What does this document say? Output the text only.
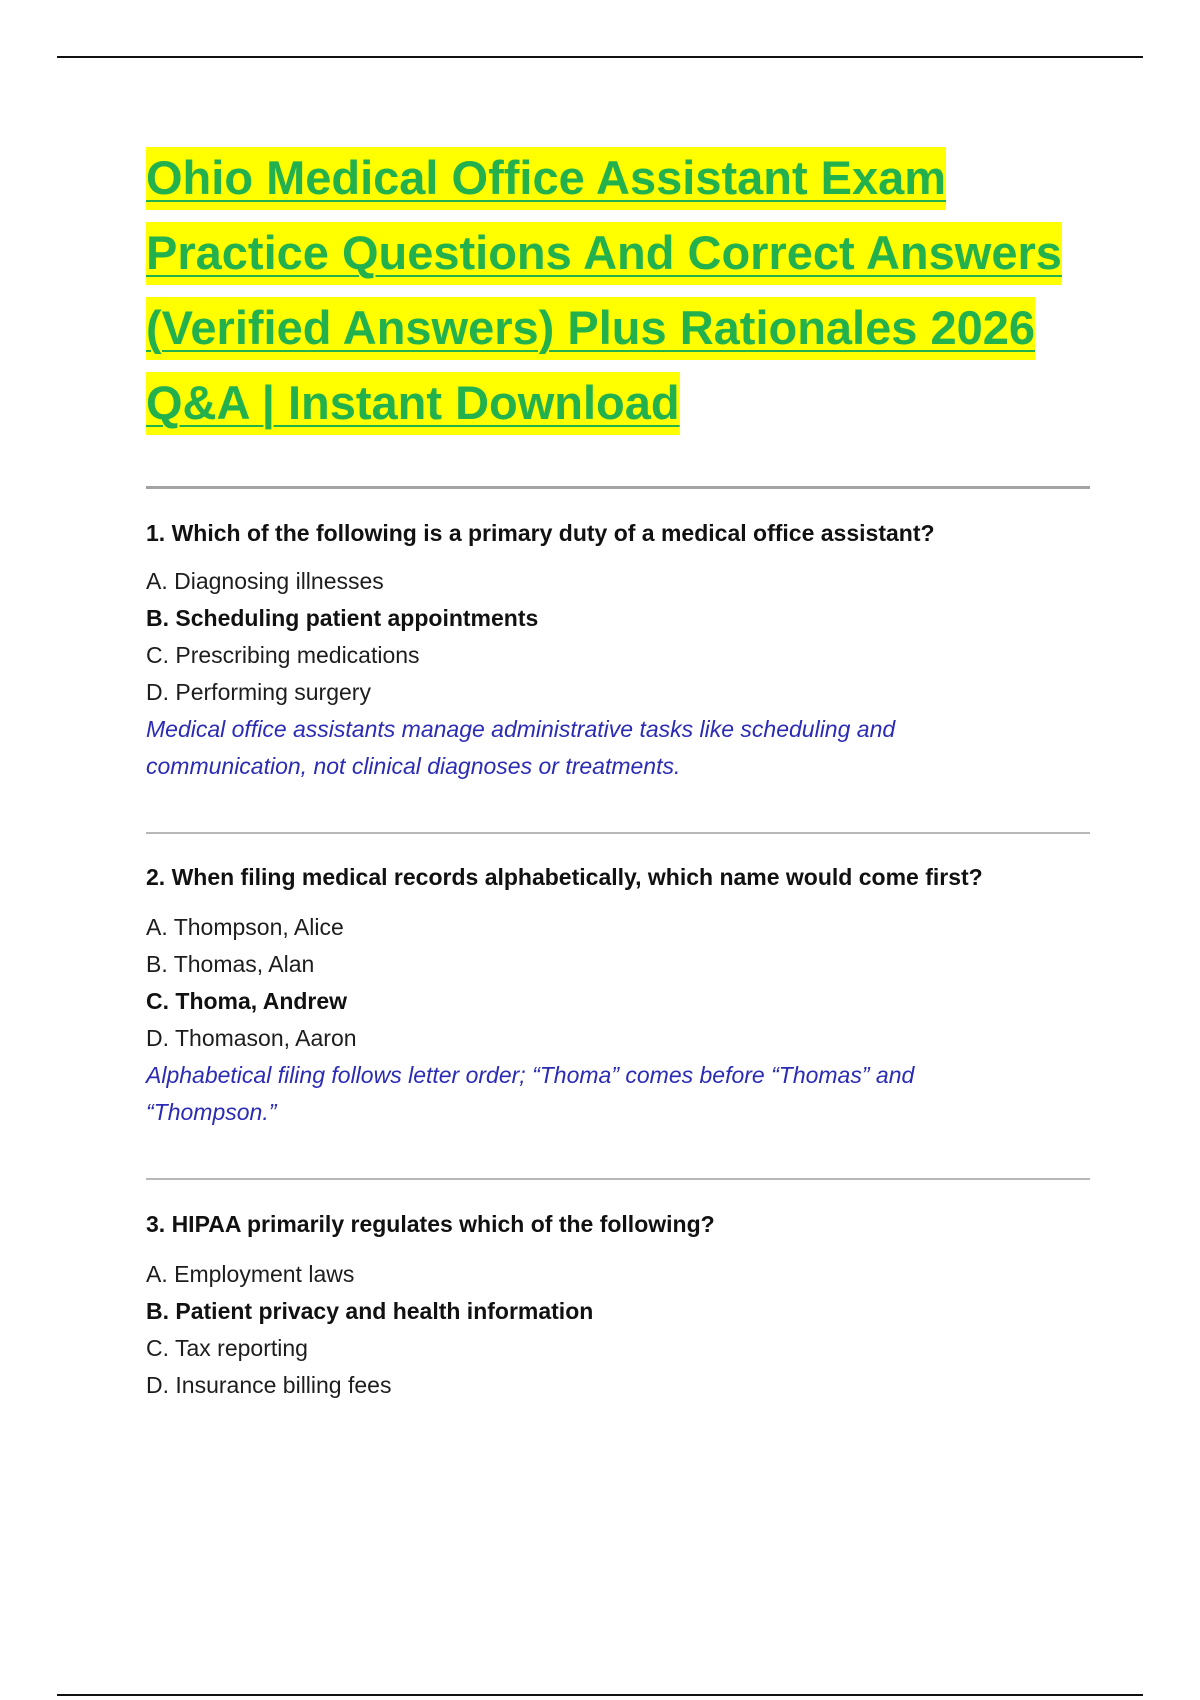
Ohio Medical Office Assistant Exam
Practice Questions And Correct Answers
(Verified Answers) Plus Rationales 2026
Q&A | Instant Download

1. Which of the following is a primary duty of a medical office assistant?

A. Diagnosing illnesses

B. Scheduling patient appointments

C. Prescribing medications

D. Performing surgery

Medical office assistants manage administrative tasks like scheduling and

communication, not clinical diagnoses or treatments.

2. When filing medical records alphabetically, which name would come first?

A. Thompson, Alice

B. Thomas, Alan

C. Thoma, Andrew

D. Thomason, Aaron

Alphabetical filing follows letter order; “Thoma” comes before “Thomas” and

“Thompson.”

3. HIPAA primarily regulates which of the following?

A. Employment laws

B. Patient privacy and health information

C. Tax reporting

D. Insurance billing fees
